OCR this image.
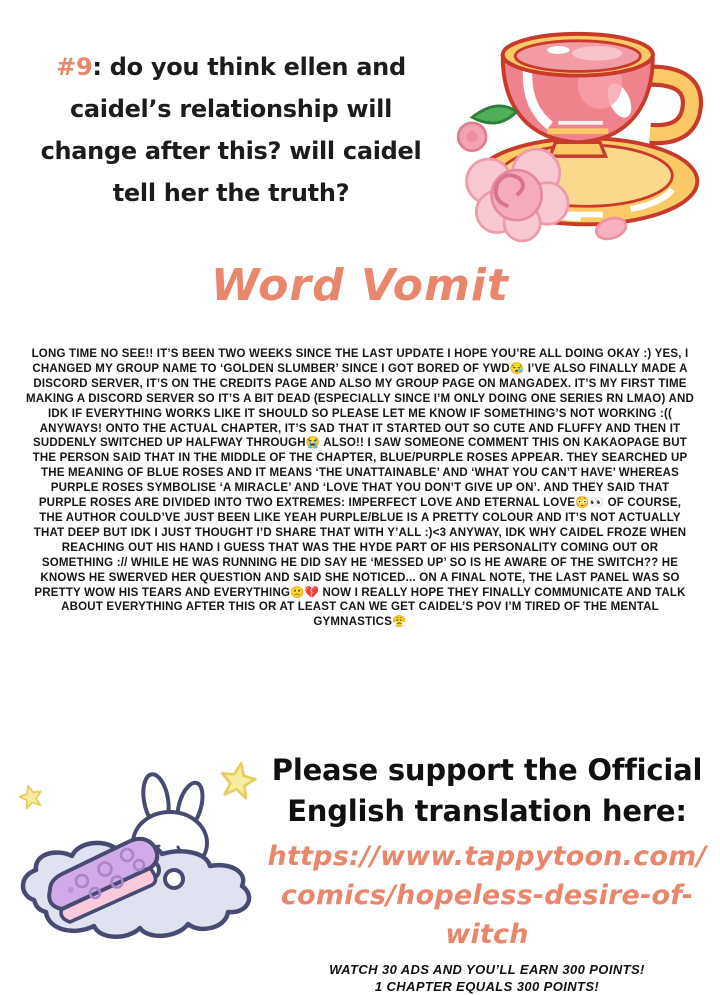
#9: do you think ellen and caidel’s relationship will change after this? will caidel tell her the truth?
Word Vomit
LONG TIME NO SEE!! IT’S BEEN TWO WEEKS SINCE THE LAST UPDATE I HOPE YOU’RE ALL DOING OKAY :) YES, I CHANGED MY GROUP NAME TO ‘GOLDEN SLUMBER’ SINCE I GOT BORED OF YWD😪 I’VE ALSO FINALLY MADE A DISCORD SERVER, IT’S ON THE CREDITS PAGE AND ALSO MY GROUP PAGE ON MANGADEX. IT’S MY FIRST TIME MAKING A DISCORD SERVER SO IT’S A BIT DEAD (ESPECIALLY SINCE I’M ONLY DOING ONE SERIES RN LMAO) AND IDK IF EVERYTHING WORKS LIKE IT SHOULD SO PLEASE LET ME KNOW IF SOMETHING’S NOT WORKING :(( ANYWAYS! ONTO THE ACTUAL CHAPTER, IT’S SAD THAT IT STARTED OUT SO CUTE AND FLUFFY AND THEN IT SUDDENLY SWITCHED UP HALFWAY THROUGH😭 ALSO!! I SAW SOMEONE COMMENT THIS ON KAKAOPAGE BUT THE PERSON SAID THAT IN THE MIDDLE OF THE CHAPTER, BLUE/PURPLE ROSES APPEAR. THEY SEARCHED UP THE MEANING OF BLUE ROSES AND IT MEANS ‘THE UNATTAINABLE’ AND ‘WHAT YOU CAN’T HAVE’ WHEREAS PURPLE ROSES SYMBOLISE ‘A MIRACLE’ AND ‘LOVE THAT YOU DON’T GIVE UP ON’. AND THEY SAID THAT PURPLE ROSES ARE DIVIDED INTO TWO EXTREMES: IMPERFECT LOVE AND ETERNAL LOVE😳👀 OF COURSE, THE AUTHOR COULD’VE JUST BEEN LIKE YEAH PURPLE/BLUE IS A PRETTY COLOUR AND IT’S NOT ACTUALLY THAT DEEP BUT IDK I JUST THOUGHT I’D SHARE THAT WITH Y’ALL :)<3 ANYWAY, IDK WHY CAIDEL FROZE WHEN REACHING OUT HIS HAND I GUESS THAT WAS THE HYDE PART OF HIS PERSONALITY COMING OUT OR SOMETHING :// WHILE HE WAS RUNNING HE DID SAY HE ‘MESSED UP’ SO IS HE AWARE OF THE SWITCH?? HE KNOWS HE SWERVED HER QUESTION AND SAID SHE NOTICED... ON A FINAL NOTE, THE LAST PANEL WAS SO PRETTY WOW HIS TEARS AND EVERYTHING🙁💔 NOW I REALLY HOPE THEY FINALLY COMMUNICATE AND TALK ABOUT EVERYTHING AFTER THIS OR AT LEAST CAN WE GET CAIDEL’S POV I’M TIRED OF THE MENTAL GYMNASTICS😤
Please support the Official English translation here:
https://www.tappytoon.com/
comics/hopeless-desire-of-witch
WATCH 30 ADS AND YOU’LL EARN 300 POINTS!
1 CHAPTER EQUALS 300 POINTS!
